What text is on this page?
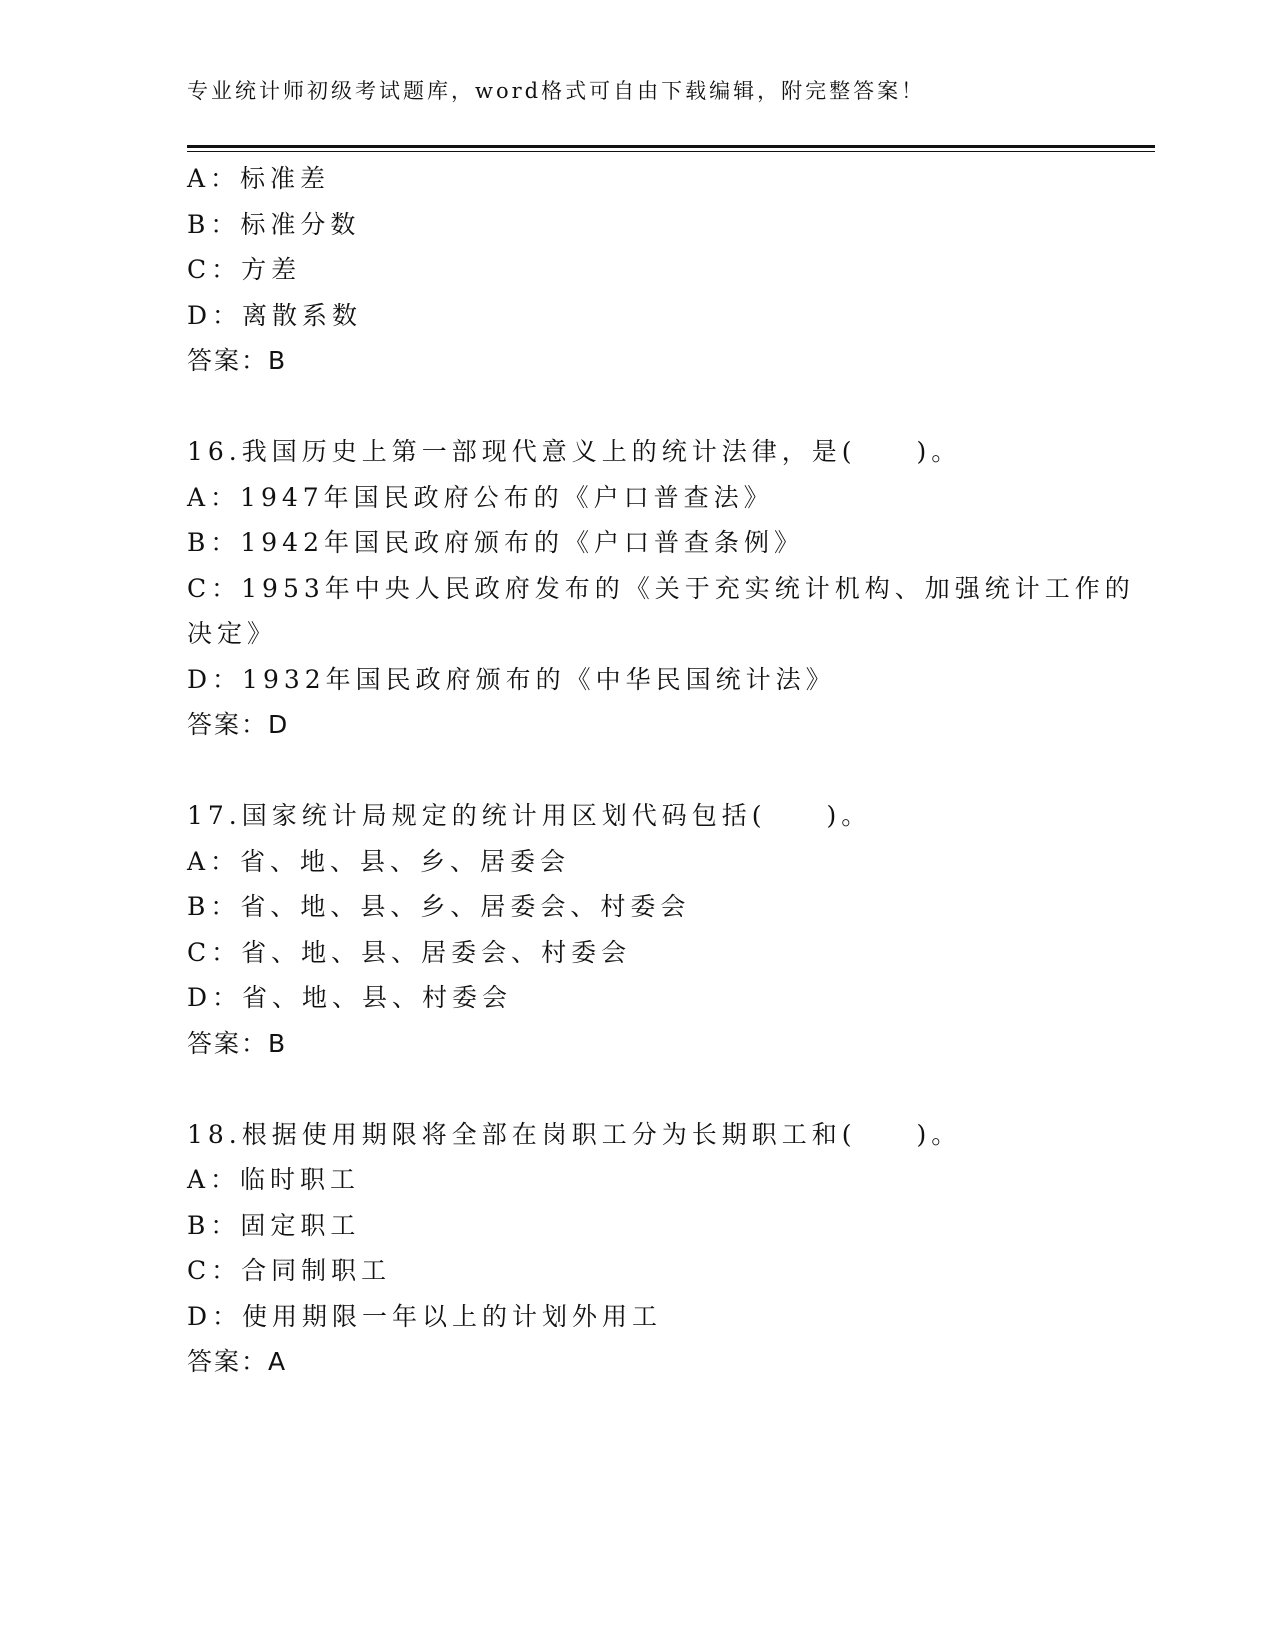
专业统计师初级考试题库，word格式可自由下载编辑，附完整答案！
A：标准差
B：标准分数
C：方差
D：离散系数
答案：B
16.我国历史上第一部现代意义上的统计法律，是(　　)。
A：1947年国民政府公布的《户口普查法》
B：1942年国民政府颁布的《户口普查条例》
C：1953年中央人民政府发布的《关于充实统计机构、加强统计工作的
决定》
D：1932年国民政府颁布的《中华民国统计法》
答案：D
17.国家统计局规定的统计用区划代码包括(　　)。
A：省、地、县、乡、居委会
B：省、地、县、乡、居委会、村委会
C：省、地、县、居委会、村委会
D：省、地、县、村委会
答案：B
18.根据使用期限将全部在岗职工分为长期职工和(　　)。
A：临时职工
B：固定职工
C：合同制职工
D：使用期限一年以上的计划外用工
答案：A
